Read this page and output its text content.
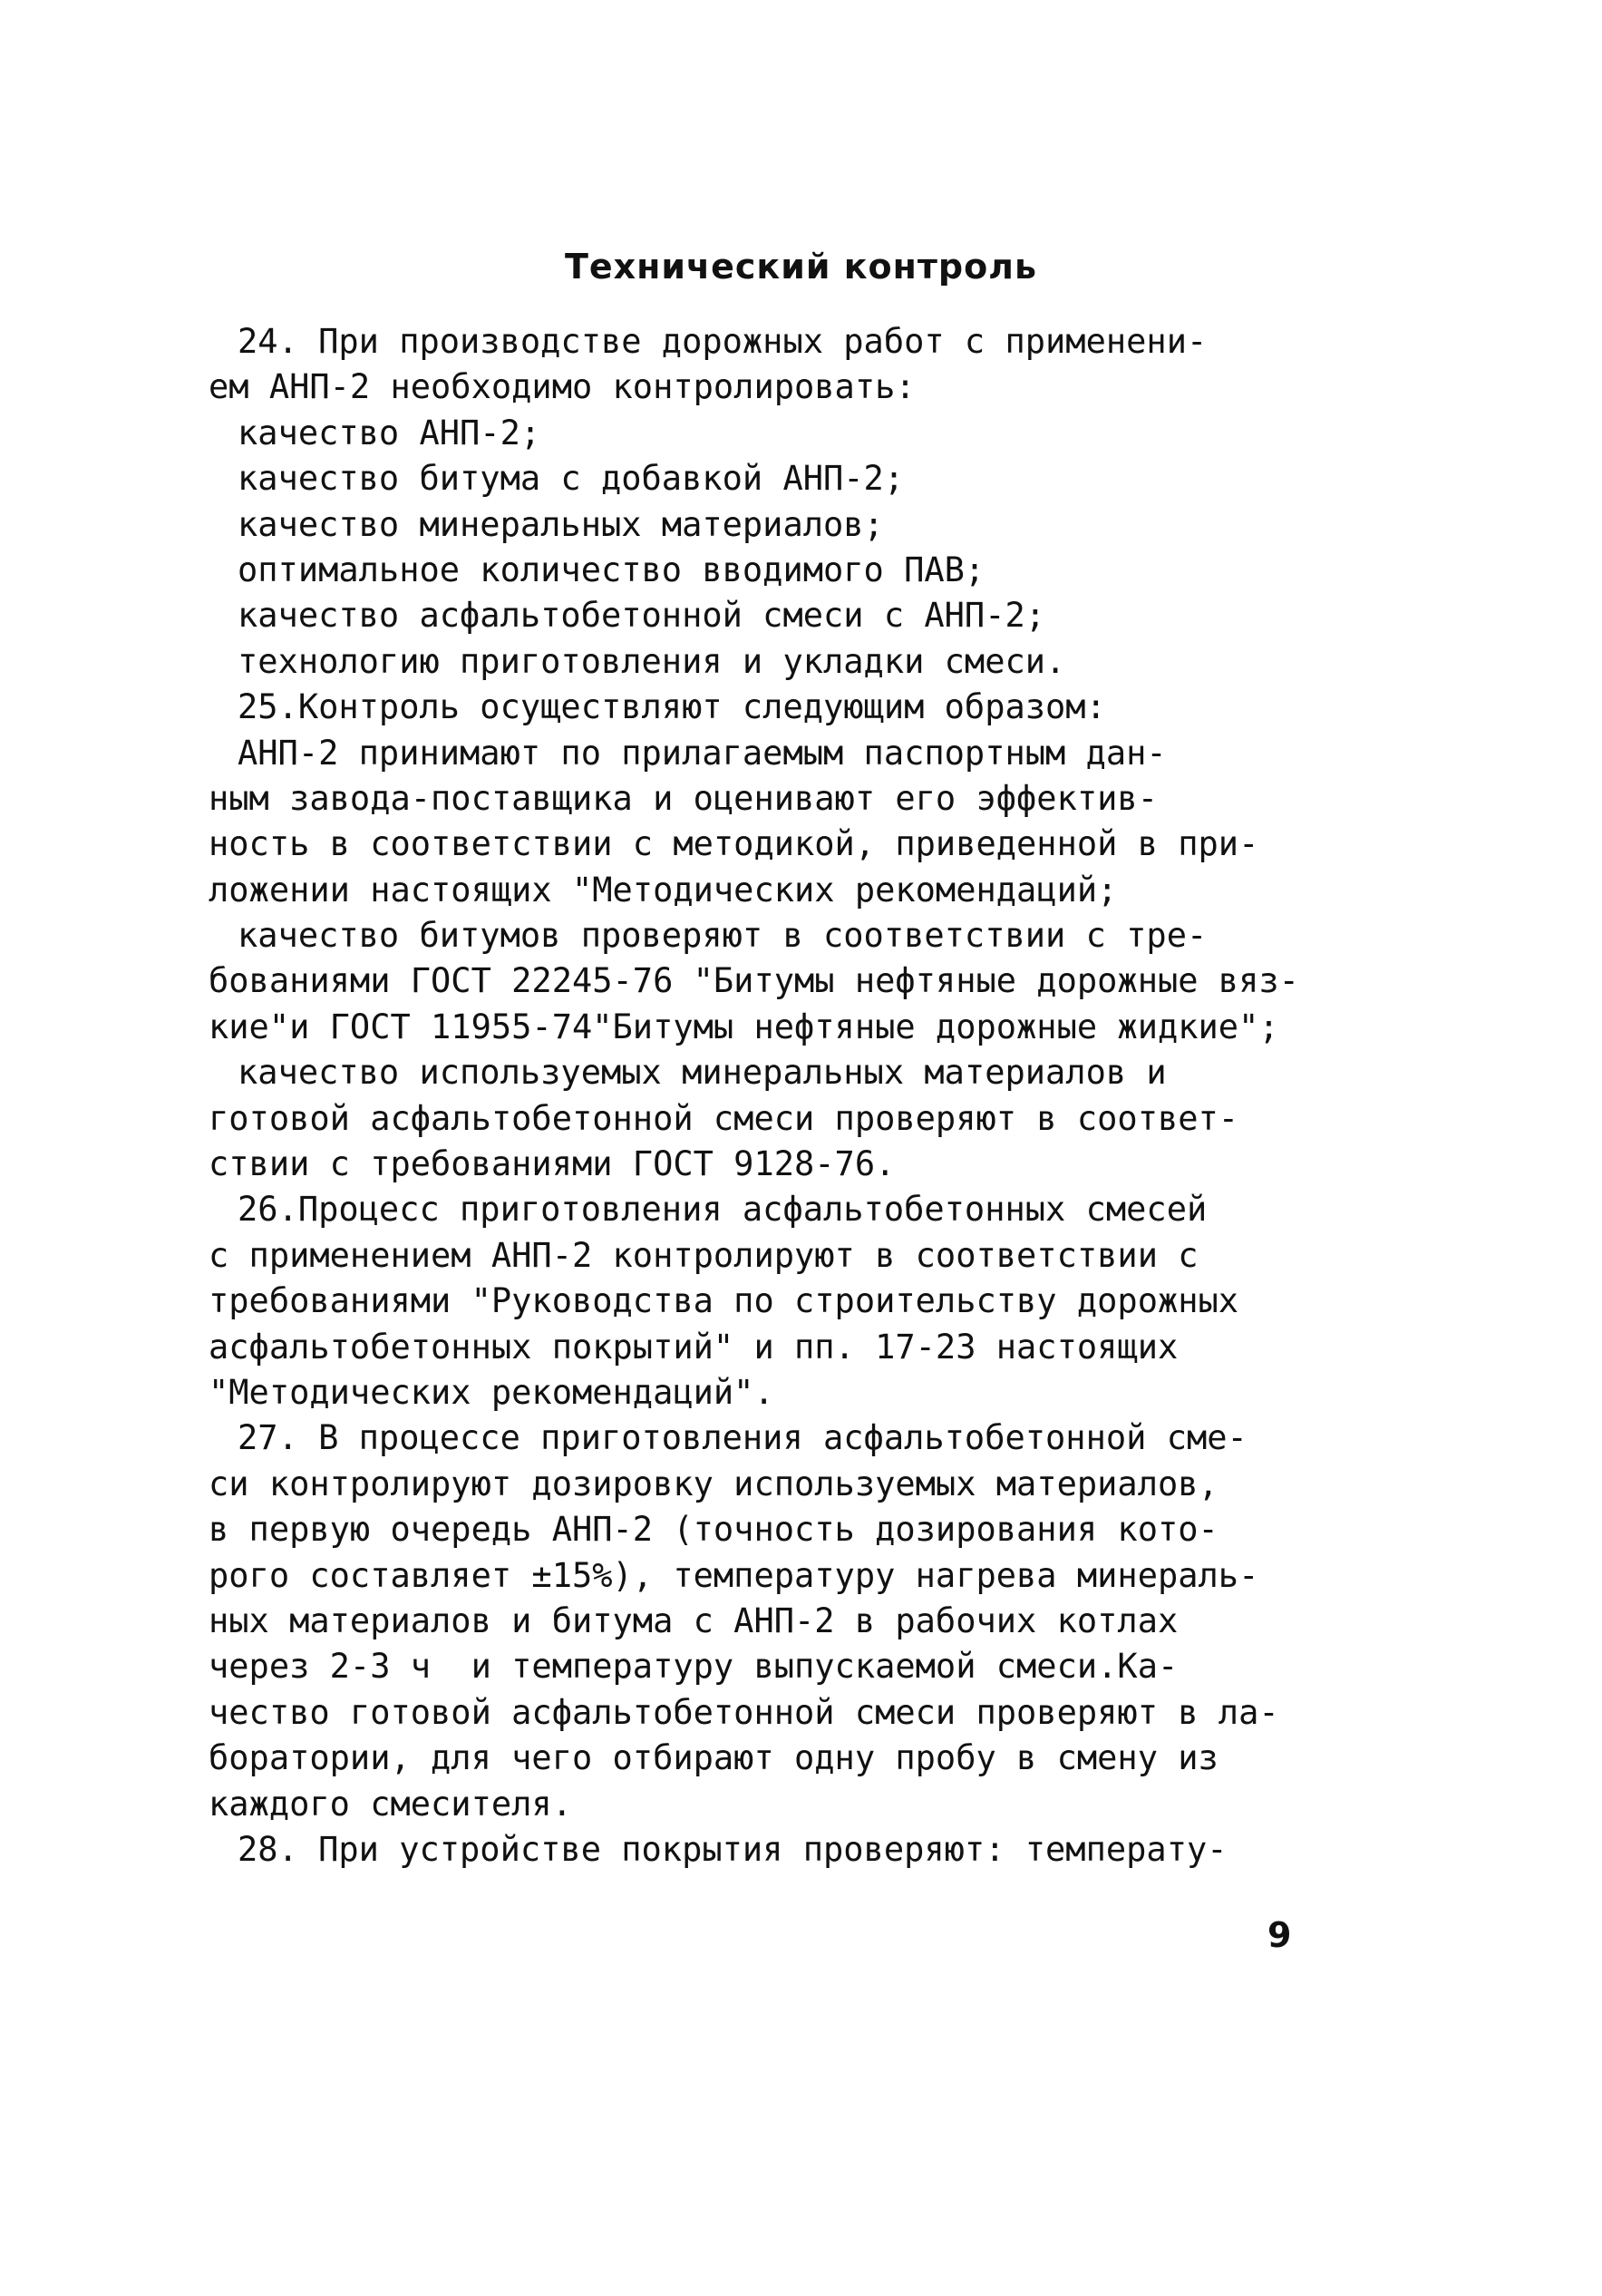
Технический контроль
24. При производстве дорожных работ с применени-
ем АНП-2 необходимо контролировать:
качество АНП-2;
качество битума с добавкой АНП-2;
качество минеральных материалов;
оптимальное количество вводимого ПАВ;
качество асфальтобетонной смеси с АНП-2;
технологию приготовления и укладки смеси.
25.Контроль осуществляют следующим образом:
АНП-2 принимают по прилагаемым паспортным дан-
ным завода-поставщика и оценивают его эффектив-
ность в соответствии с методикой, приведенной в при-
ложении настоящих "Методических рекомендаций;
качество битумов проверяют в соответствии с тре-
бованиями ГОСТ 22245-76 "Битумы нефтяные дорожные вяз-
кие"и ГОСТ 11955-74"Битумы нефтяные дорожные жидкие";
качество используемых минеральных материалов и
готовой асфальтобетонной смеси проверяют в соответ-
ствии с требованиями ГОСТ 9128-76.
26.Процесс приготовления асфальтобетонных смесей
с применением АНП-2 контролируют в соответствии с
требованиями "Руководства по строительству дорожных
асфальтобетонных покрытий" и пп. 17-23 настоящих
"Методических рекомендаций".
27. В процессе приготовления асфальтобетонной сме-
си контролируют дозировку используемых материалов,
в первую очередь АНП-2 (точность дозирования кото-
рого составляет ±15%), температуру нагрева минераль-
ных материалов и битума с АНП-2 в рабочих котлах
через 2-3 ч  и температуру выпускаемой смеси.Ка-
чество готовой асфальтобетонной смеси проверяют в ла-
боратории, для чего отбирают одну пробу в смену из
каждого смесителя.
28. При устройстве покрытия проверяют: температу-
9
